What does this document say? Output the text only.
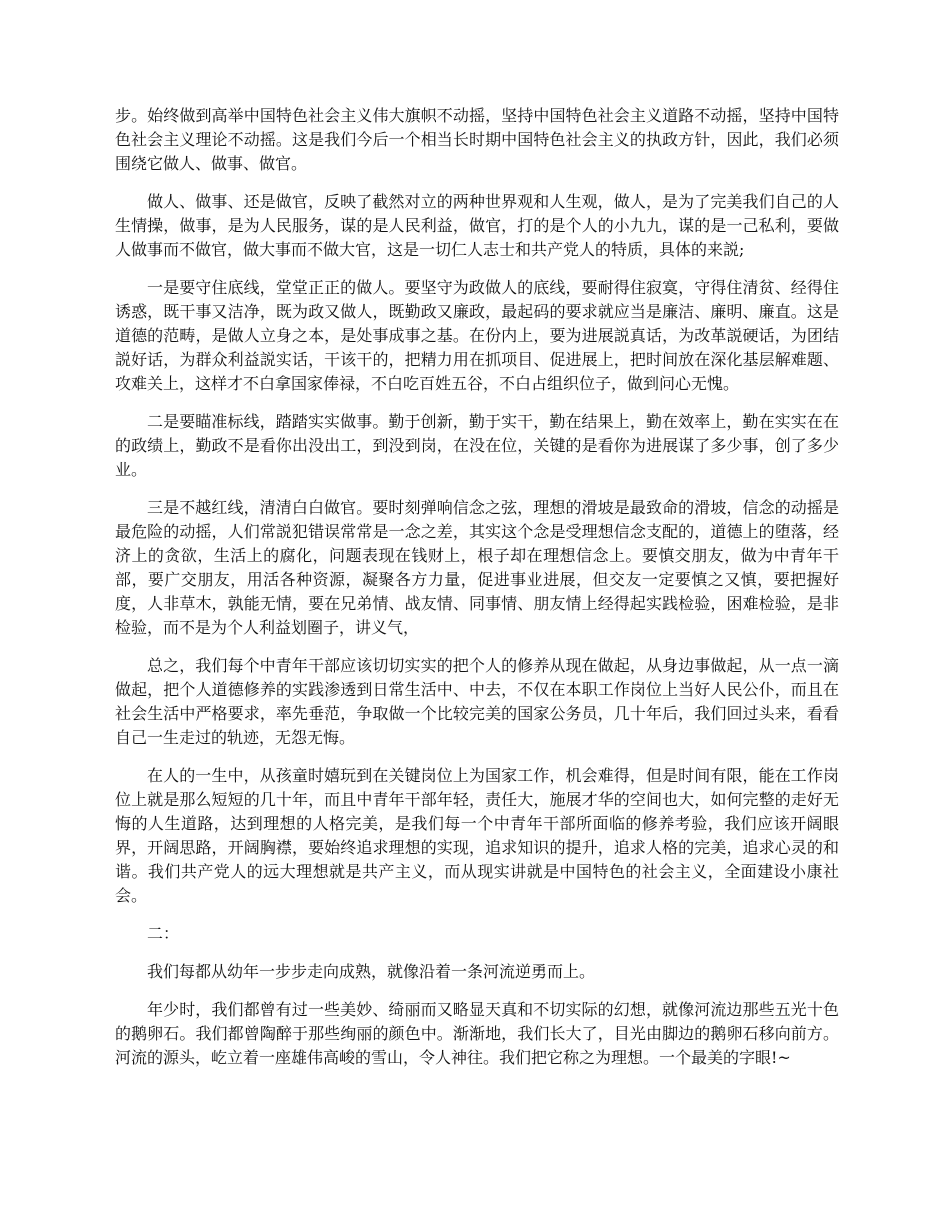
步。始终做到高举中国特色社会主义伟大旗帜不动摇，坚持中国特色社会主义道路不动摇，坚持中国特色社会主义理论不动摇。这是我们今后一个相当长时期中国特色社会主义的执政方针，因此，我们必须围绕它做人、做事、做官。

做人、做事、还是做官，反映了截然对立的两种世界观和人生观，做人，是为了完美我们自己的人生情操，做事，是为人民服务，谋的是人民利益，做官，打的是个人的小九九，谋的是一己私利，要做人做事而不做官，做大事而不做大官，这是一切仁人志士和共产党人的特质，具体的来説;

一是要守住底线，堂堂正正的做人。要坚守为政做人的底线，要耐得住寂寞，守得住清贫、经得住诱惑，既干事又洁净，既为政又做人，既勤政又廉政，最起码的要求就应当是廉洁、廉明、廉直。这是道德的范畴，是做人立身之本，是处事成事之基。在份内上，要为进展説真话，为改革説硬话，为团结説好话，为群众利益説实话，干该干的，把精力用在抓项目、促进展上，把时间放在深化基层解难题、攻难关上，这样才不白拿国家俸禄，不白吃百姓五谷，不白占组织位子，做到问心无愧。

二是要瞄准标线，踏踏实实做事。勤于创新，勤于实干，勤在结果上，勤在效率上，勤在实实在在的政绩上，勤政不是看你出没出工，到没到岗，在没在位，关键的是看你为进展谋了多少事，创了多少业。

三是不越红线，清清白白做官。要时刻弹响信念之弦，理想的滑坡是最致命的滑坡，信念的动摇是最危险的动摇，人们常説犯错误常常是一念之差，其实这个念是受理想信念支配的，道德上的堕落，经济上的贪欲，生活上的腐化，问题表现在钱财上，根子却在理想信念上。要慎交朋友，做为中青年干部，要广交朋友，用活各种资源，凝聚各方力量，促进事业进展，但交友一定要慎之又慎，要把握好度，人非草木，孰能无情，要在兄弟情、战友情、同事情、朋友情上经得起实践检验，困难检验，是非检验，而不是为个人利益划圈子，讲义气，

总之，我们每个中青年干部应该切切实实的把个人的修养从现在做起，从身边事做起，从一点一滴做起，把个人道德修养的实践渗透到日常生活中、中去，不仅在本职工作岗位上当好人民公仆，而且在社会生活中严格要求，率先垂范，争取做一个比较完美的国家公务员，几十年后，我们回过头来，看看自己一生走过的轨迹，无怨无悔。

在人的一生中，从孩童时嬉玩到在关键岗位上为国家工作，机会难得，但是时间有限，能在工作岗位上就是那么短短的几十年，而且中青年干部年轻，责任大，施展才华的空间也大，如何完整的走好无悔的人生道路，达到理想的人格完美，是我们每一个中青年干部所面临的修养考验，我们应该开阔眼界，开阔思路，开阔胸襟，要始终追求理想的实现，追求知识的提升，追求人格的完美，追求心灵的和谐。我们共产党人的远大理想就是共产主义，而从现实讲就是中国特色的社会主义，全面建设小康社会。

二：

我们每都从幼年一步步走向成熟，就像沿着一条河流逆勇而上。

年少时，我们都曾有过一些美妙、绮丽而又略显天真和不切实际的幻想，就像河流边那些五光十色的鹅卵石。我们都曾陶醉于那些绚丽的颜色中。渐渐地，我们长大了，目光由脚边的鹅卵石移向前方。河流的源头，屹立着一座雄伟高峻的雪山，令人神往。我们把它称之为理想。一个最美的字眼!~
